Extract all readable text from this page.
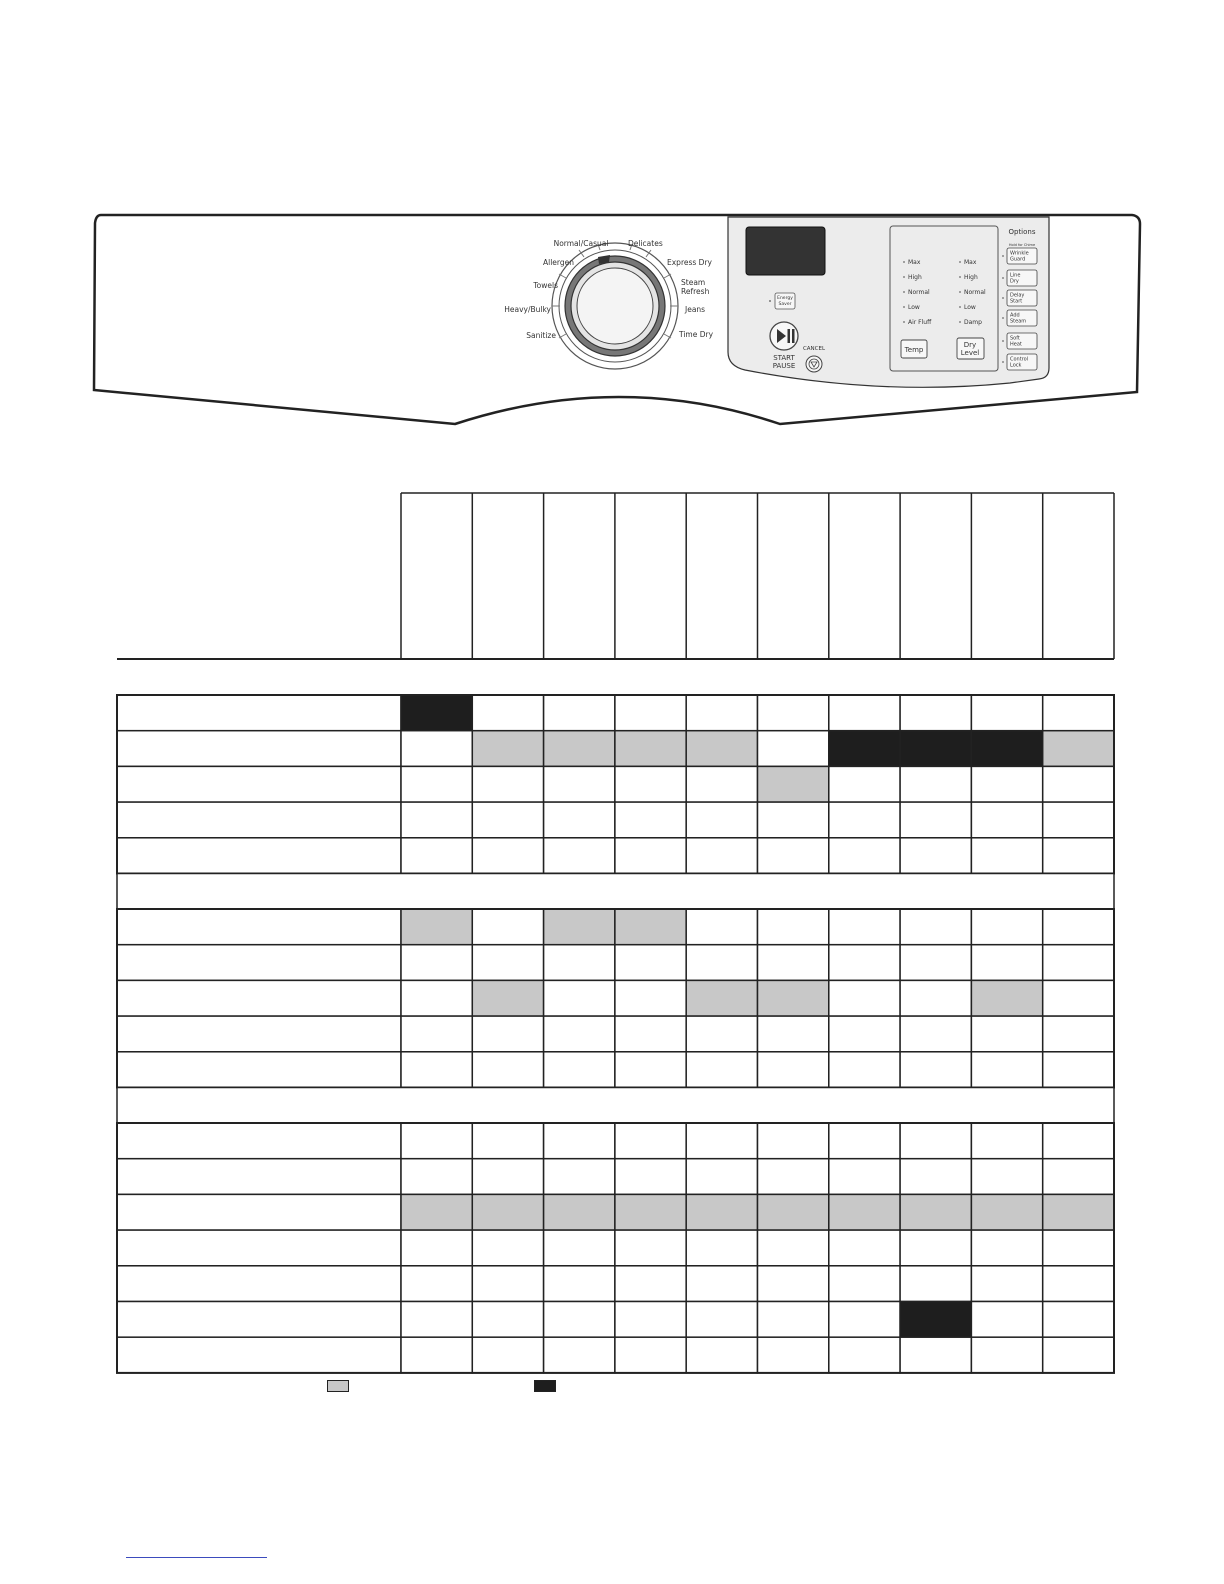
Normal/Casual
Allergen
Towels
Heavy/Bulky
Sanitize
Delicates
Express Dry
Steam
Refresh
Jeans
Time Dry
Energy
Saver
START
PAUSE
CANCEL
Max
High
Normal
Low
Air Fluff
Max
High
Normal
Low
Damp
Temp
Dry
Level
Options
Hold for Chime
Wrinkle
Guard
Line
Dry
Delay
Start
Add
Steam
Soft
Heat
Control
Lock
